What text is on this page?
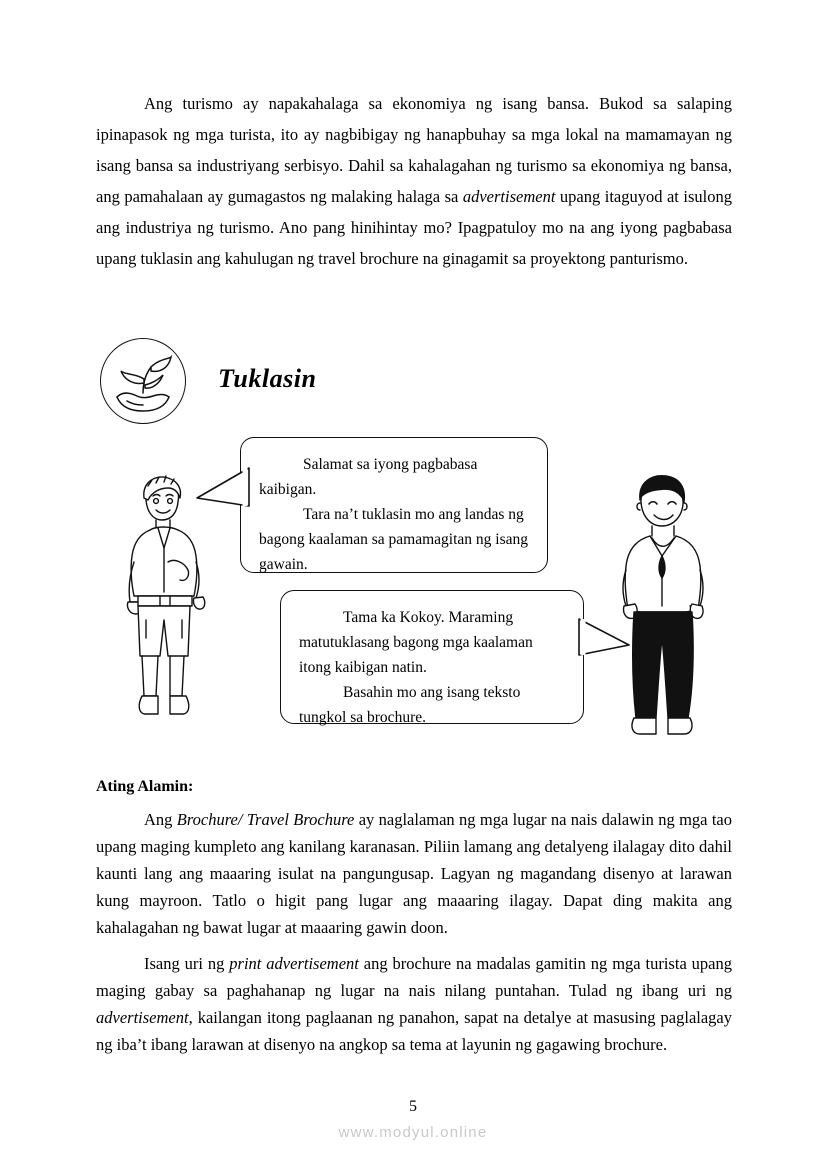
Ang turismo ay napakahalaga sa ekonomiya ng isang bansa. Bukod sa salaping ipinapasok ng mga turista, ito ay nagbibigay ng hanapbuhay sa mga lokal na mamamayan ng isang bansa sa industriyang serbisyo. Dahil sa kahalagahan ng turismo sa ekonomiya ng bansa, ang pamahalaan ay gumagastos ng malaking halaga sa advertisement upang itaguyod at isulong ang industriya ng turismo. Ano pang hinihintay mo? Ipagpatuloy mo na ang iyong pagbabasa upang tuklasin ang kahulugan ng travel brochure na ginagamit sa proyektong panturismo.
Tuklasin

Salamat sa iyong pagbabasa kaibigan.

Tara na’t tuklasin mo ang landas ng bagong kaalaman sa pamamagitan ng isang gawain.

Tama ka Kokoy. Maraming matutuklasang bagong mga kaalaman itong kaibigan natin.

Basahin mo ang isang teksto tungkol sa brochure.

Ating Alamin:
Ang Brochure/ Travel Brochure ay naglalaman ng mga lugar na nais dalawin ng mga tao upang maging kumpleto ang kanilang karanasan. Piliin lamang ang detalyeng ilalagay dito dahil kaunti lang ang maaaring isulat na pangungusap. Lagyan ng magandang disenyo at larawan kung mayroon. Tatlo o higit pang lugar ang maaaring ilagay. Dapat ding makita ang kahalagahan ng bawat lugar at maaaring gawin doon.
Isang uri ng print advertisement ang brochure na madalas gamitin ng mga turista upang maging gabay sa paghahanap ng lugar na nais nilang puntahan. Tulad ng ibang uri ng advertisement, kailangan itong paglaanan ng panahon, sapat na detalye at masusing paglalagay ng iba’t ibang larawan at disenyo na angkop sa tema at layunin ng gagawing brochure.
5
www.modyul.online
